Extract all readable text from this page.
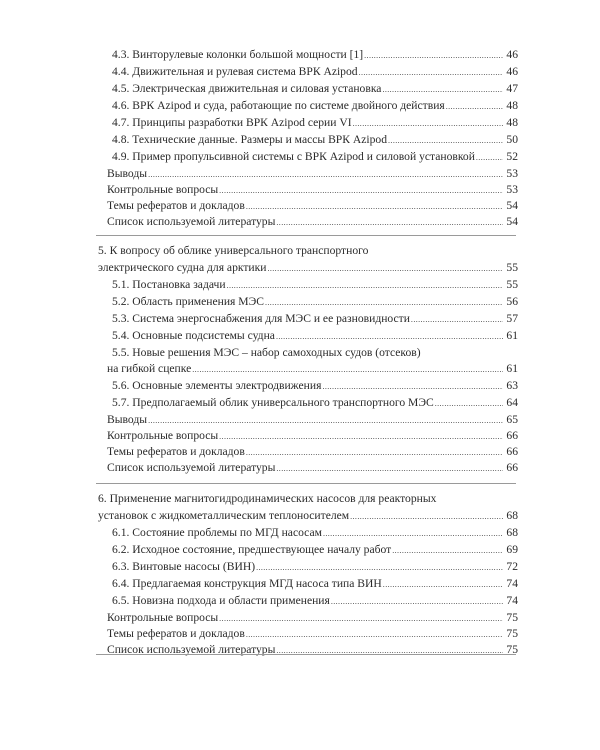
4.3. Винторулевые колонки большой мощности [1] .....	46
4.4. Движительная и рулевая система ВРК Azipod .....	46
4.5. Электрическая движительная и силовая установка .....	47
4.6. ВРК Azipod и суда, работающие по системе двойного действия .....	48
4.7. Принципы разработки ВРК Azipod серии VI .....	48
4.8. Технические данные. Размеры и массы ВРК Azipod .....	50
4.9. Пример пропульсивной системы с ВРК Azipod и силовой установкой .....	52
Выводы .....	53
Контрольные вопросы .....	53
Темы рефератов и докладов .....	54
Список используемой литературы .....	54
5. К вопросу об облике универсального транспортного
электрического судна для арктики .....	55
5.1. Постановка задачи .....	55
5.2. Область применения МЭС .....	56
5.3. Система энергоснабжения для МЭС и ее разновидности .....	57
5.4. Основные подсистемы судна .....	61
5.5. Новые решения МЭС – набор самоходных судов (отсеков)
на гибкой сцепке .....	61
5.6. Основные элементы электродвижения .....	63
5.7. Предполагаемый облик универсального транспортного МЭС .....	64
Выводы .....	65
Контрольные вопросы .....	66
Темы рефератов и докладов .....	66
Список используемой литературы .....	66
6. Применение магнитогидродинамических насосов для реакторных
установок с жидкометаллическим теплоносителем .....	68
6.1. Состояние проблемы по МГД насосам .....	68
6.2. Исходное состояние, предшествующее началу работ .....	69
6.3. Винтовые насосы (ВИН) .....	72
6.4. Предлагаемая конструкция МГД насоса типа ВИН .....	74
6.5. Новизна подхода и области применения .....	74
Контрольные вопросы .....	75
Темы рефератов и докладов .....	75
Список используемой литературы .....	75
